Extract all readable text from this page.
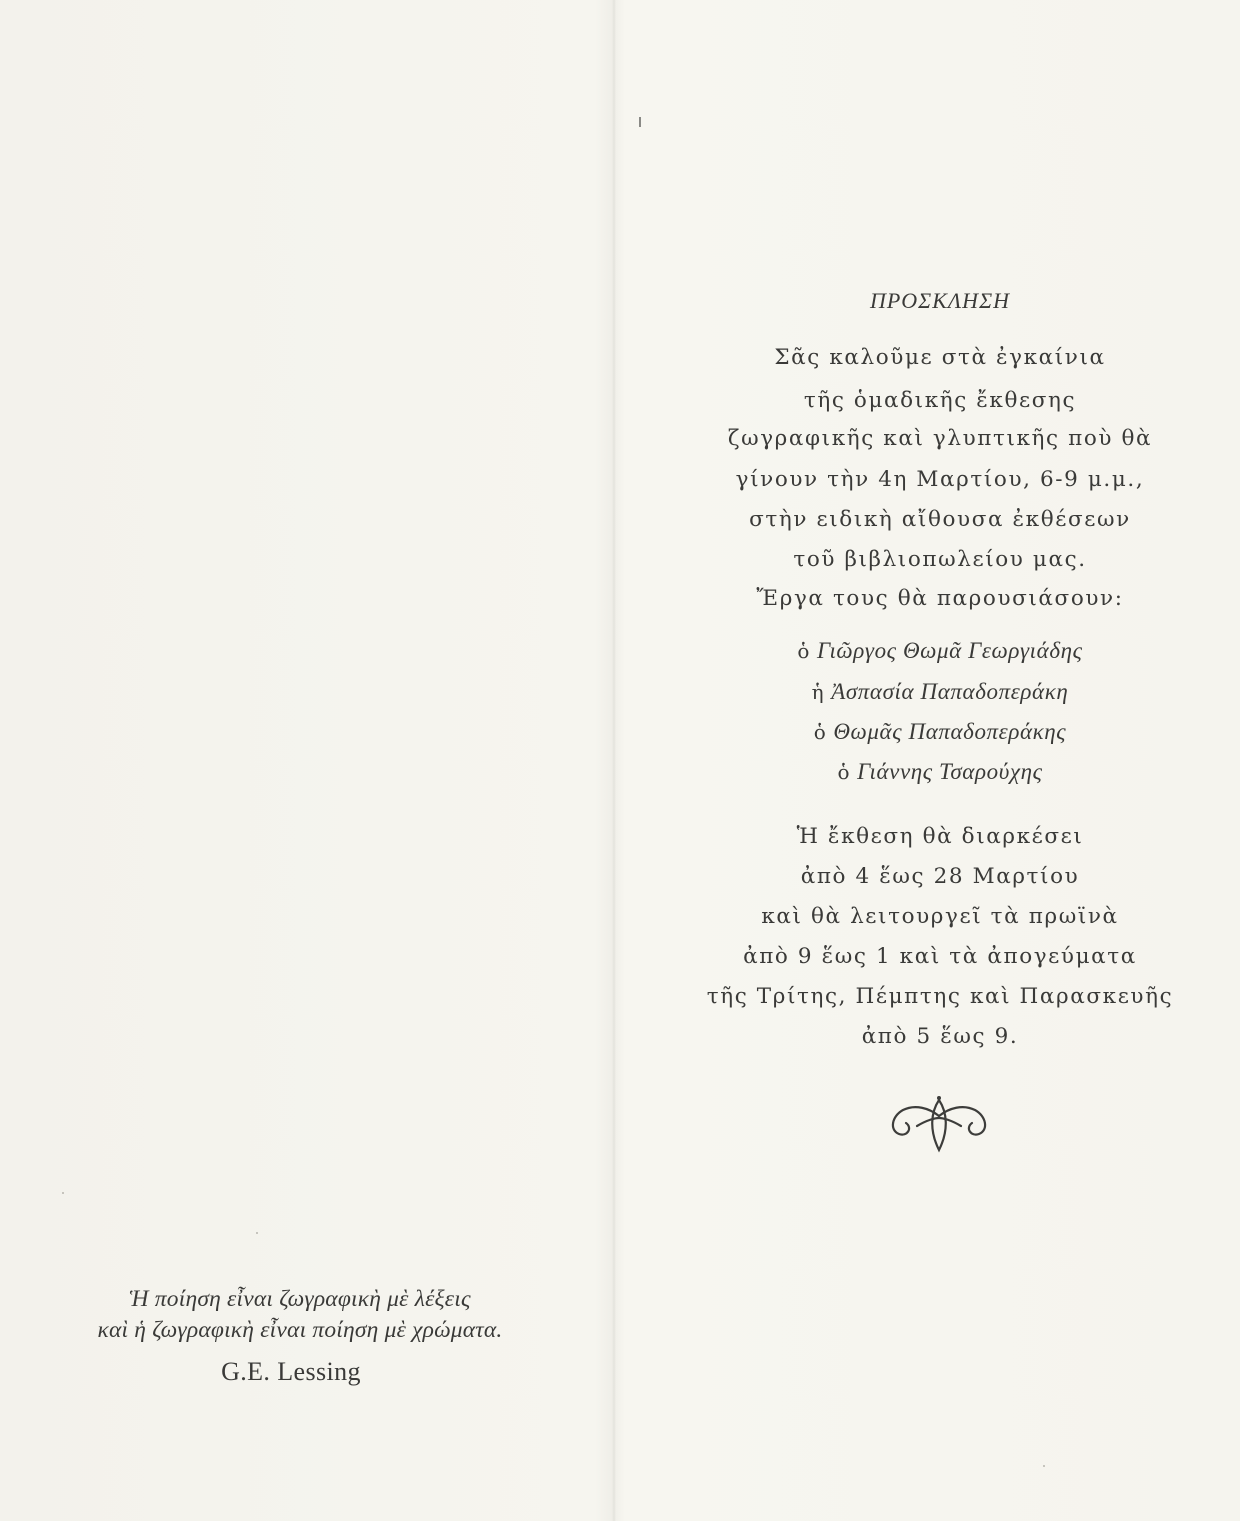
Ἡ ποίηση εἶναι ζωγραφικὴ μὲ λέξεις
καὶ ἡ ζωγραφικὴ εἶναι ποίηση μὲ χρώματα.
G.E. Lessing
ΠΡΟΣΚΛΗΣΗ
Σᾶς καλοῦμε στὰ ἐγκαίνια
τῆς ὁμαδικῆς ἔκθεσης
ζωγραφικῆς καὶ γλυπτικῆς ποὺ θὰ
γίνουν τὴν 4η Μαρτίου, 6-9 μ.μ.,
στὴν ειδικὴ αἴθουσα ἐκθέσεων
τοῦ βιβλιοπωλείου μας.
Ἔργα τους θὰ παρουσιάσουν:
ὁ Γιῶργος Θωμᾶ Γεωργιάδης
ἡ Ἀσπασία Παπαδοπεράκη
ὁ Θωμᾶς Παπαδοπεράκης
ὁ Γιάννης Τσαρούχης
Ἡ ἔκθεση θὰ διαρκέσει
ἀπὸ 4 ἕως 28 Μαρτίου
καὶ θὰ λειτουργεῖ τὰ πρωϊνὰ
ἀπὸ 9 ἕως 1 καὶ τὰ ἀπογεύματα
τῆς Τρίτης, Πέμπτης καὶ Παρασκευῆς
ἀπὸ 5 ἕως 9.
